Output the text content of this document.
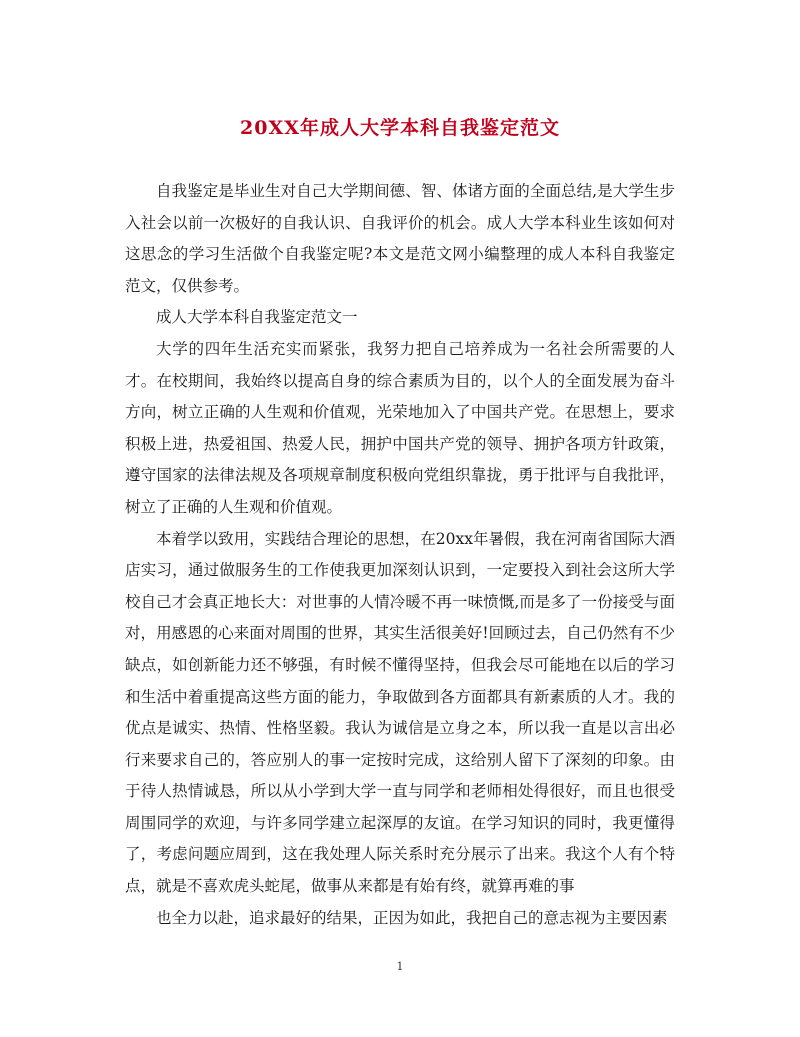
20XX年成人大学本科自我鉴定范文

自我鉴定是毕业生对自己大学期间德、智、体诸方面的全面总结,是大学生步入社会以前一次极好的自我认识、自我评价的机会。成人大学本科业生该如何对这思念的学习生活做个自我鉴定呢?本文是范文网小编整理的成人本科自我鉴定范文，仅供参考。

成人大学本科自我鉴定范文一

大学的四年生活充实而紧张，我努力把自己培养成为一名社会所需要的人才。在校期间，我始终以提高自身的综合素质为目的，以个人的全面发展为奋斗方向，树立正确的人生观和价值观，光荣地加入了中国共产党。在思想上，要求积极上进，热爱祖国、热爱人民，拥护中国共产党的领导、拥护各项方针政策，遵守国家的法律法规及各项规章制度积极向党组织靠拢，勇于批评与自我批评，树立了正确的人生观和价值观。

本着学以致用，实践结合理论的思想，在20xx年暑假，我在河南省国际大酒店实习，通过做服务生的工作使我更加深刻认识到，一定要投入到社会这所大学校自己才会真正地长大：对世事的人情冷暖不再一味愤慨,而是多了一份接受与面对，用感恩的心来面对周围的世界，其实生活很美好!回顾过去，自己仍然有不少缺点，如创新能力还不够强，有时候不懂得坚持，但我会尽可能地在以后的学习和生活中着重提高这些方面的能力，争取做到各方面都具有新素质的人才。我的优点是诚实、热情、性格坚毅。我认为诚信是立身之本，所以我一直是以言出必行来要求自己的，答应别人的事一定按时完成，这给别人留下了深刻的印象。由于待人热情诚恳，所以从小学到大学一直与同学和老师相处得很好，而且也很受周围同学的欢迎，与许多同学建立起深厚的友谊。在学习知识的同时，我更懂得了，考虑问题应周到，这在我处理人际关系时充分展示了出来。我这个人有个特点，就是不喜欢虎头蛇尾，做事从来都是有始有终，就算再难的事

也全力以赴，追求最好的结果，正因为如此，我把自己的意志视为主要因素

1
